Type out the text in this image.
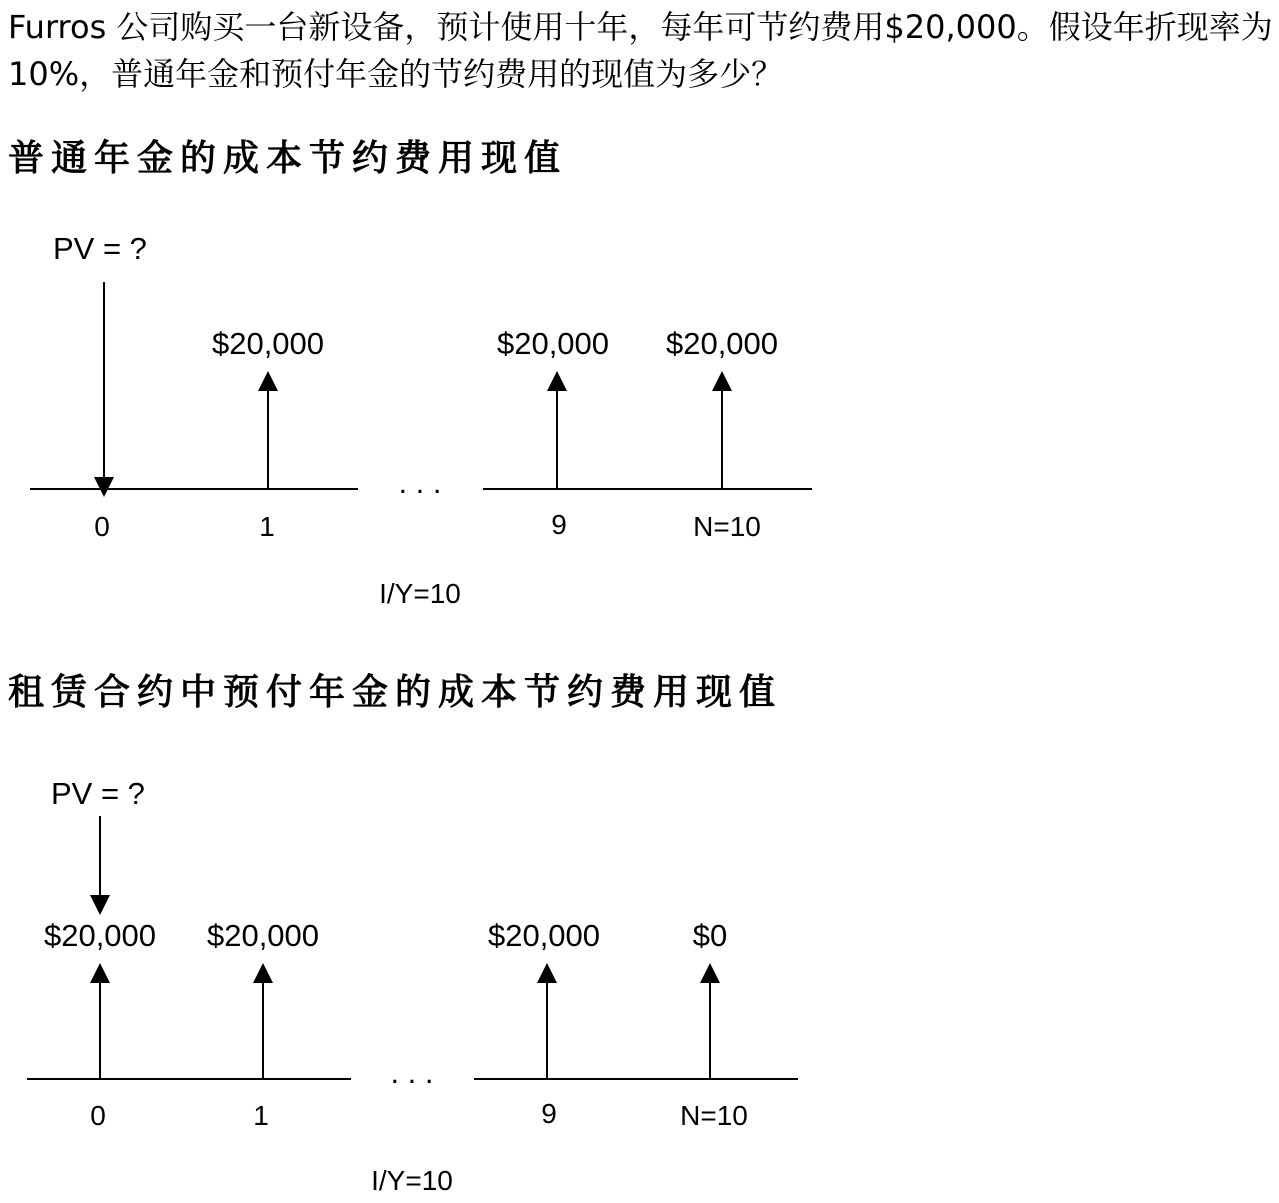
Furros 公司购买一台新设备，预计使用十年，每年可节约费用$20,000。假设年折现率为10%，普通年金和预付年金的节约费用的现值为多少？

普通年金的成本节约费用现值
PV = ?
$20,000	$20,000 $20,000
. . .
0	1	9	N=10
I/Y=10
租赁合约中预付年金的成本节约费用现值
PV = ?
$20,000 $20,000	$20,000	$0
. . .
0	1	9	N=10
I/Y=10
